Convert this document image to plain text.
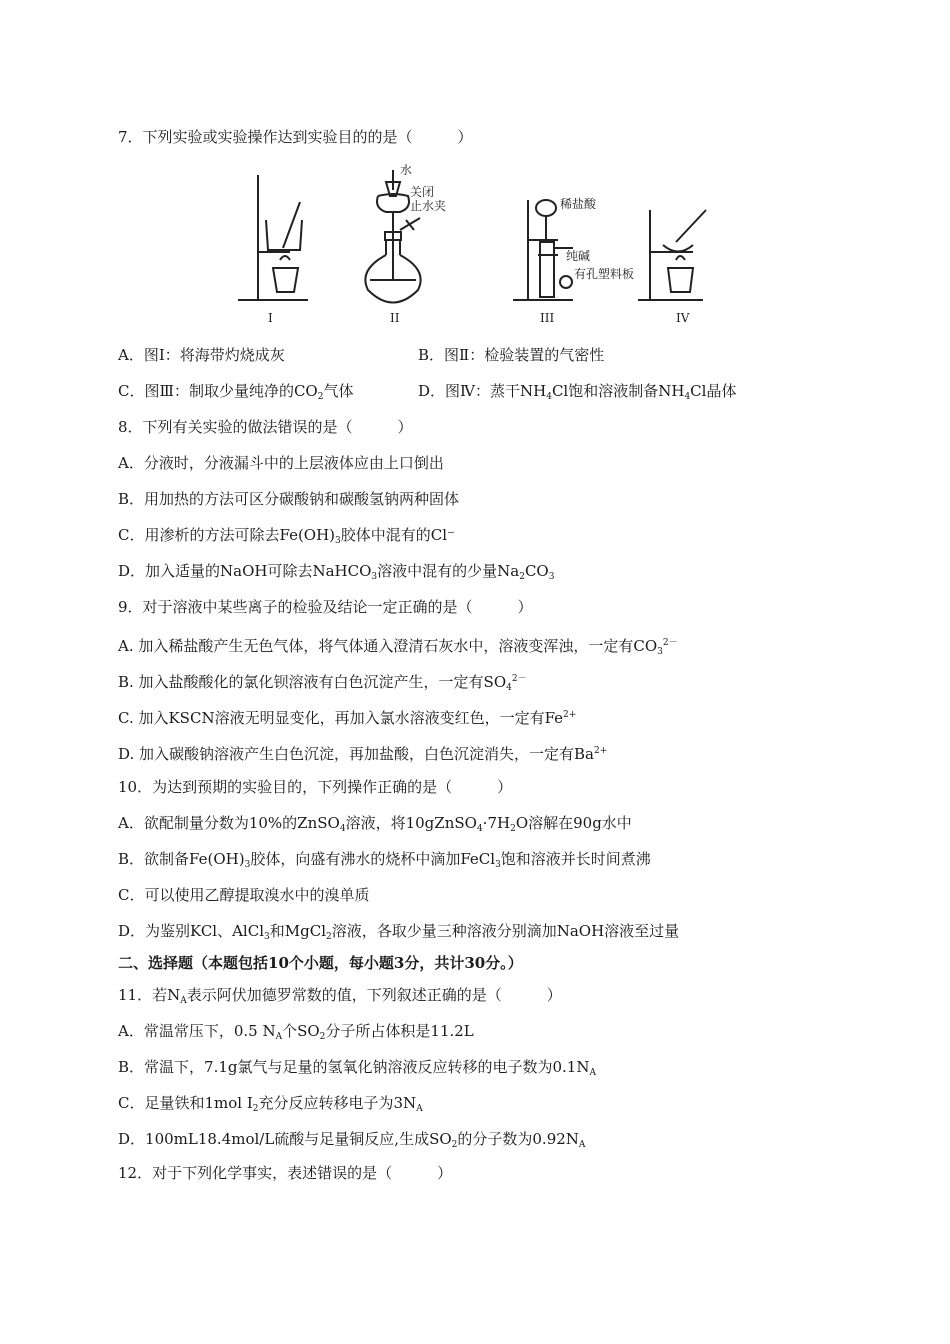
7．下列实验或实验操作达到实验目的的是（　　　）
I	II	III	IV
水
关闭
止水夹	稀盐酸
纯碱
有孔塑料板
A．图Ⅰ：将海带灼烧成灰	B．图Ⅱ：检验装置的气密性
C．图Ⅲ：制取少量纯净的$CO_2$气体	D．图Ⅳ：蒸干$NH_4Cl$饱和溶液制备$NH_4Cl$晶体
8．下列有关实验的做法错误的是（　　　）
A．分液时，分液漏斗中的上层液体应由上口倒出
B．用加热的方法可区分碳酸钠和碳酸氢钠两种固体
C．用渗析的方法可除去$Fe(OH)_3$胶体中混有的Cl⁻
D．加入适量的NaOH可除去NaHCO$_3$溶液中混有的少量$Na_2CO_3$
9．对于溶液中某些离子的检验及结论一定正确的是（　　　）
A. 加入稀盐酸产生无色气体，将气体通入澄清石灰水中，溶液变浑浊，一定有$CO_3^{2-}$
B. 加入盐酸酸化的氯化钡溶液有白色沉淀产生，一定有$SO_4^{2-}$
C. 加入KSCN溶液无明显变化，再加入氯水溶液变红色，一定有$Fe^{2+}$
D. 加入碳酸钠溶液产生白色沉淀，再加盐酸，白色沉淀消失，一定有$Ba^{2+}$
10．为达到预期的实验目的，下列操作正确的是（　　　）
A．欲配制量分数为10%的ZnSO$_4$溶液，将$10gZnSO_4\cdot 7H_2O$溶解在90g水中
B．欲制备$Fe(OH)_3$胶体，向盛有沸水的烧杯中滴加FeCl$_3$饱和溶液并长时间煮沸
C．可以使用乙醇提取溴水中的溴单质
D．为鉴别KCl、AlCl$_3$和MgCl$_2$溶液，各取少量三种溶液分别滴加NaOH溶液至过量
二、选择题（本题包括10个小题，每小题3分，共计30分。）
11．若$N_A$表示阿伏加德罗常数的值，下列叙述正确的是（　　　）
A．常温常压下，0.5 $N_A$个$SO_2$分子所占体积是11.2L
B．常温下，7.1g氯气与足量的氢氧化钠溶液反应转移的电子数为$0.1N_A$
C．足量铁和1mol $I_2$充分反应转移电子为$3N_A$
D．100mL18.4mol/L硫酸与足量铜反应,生成$SO_2$的分子数为$0.92N_A$
12．对于下列化学事实，表述错误的是（　　　）
